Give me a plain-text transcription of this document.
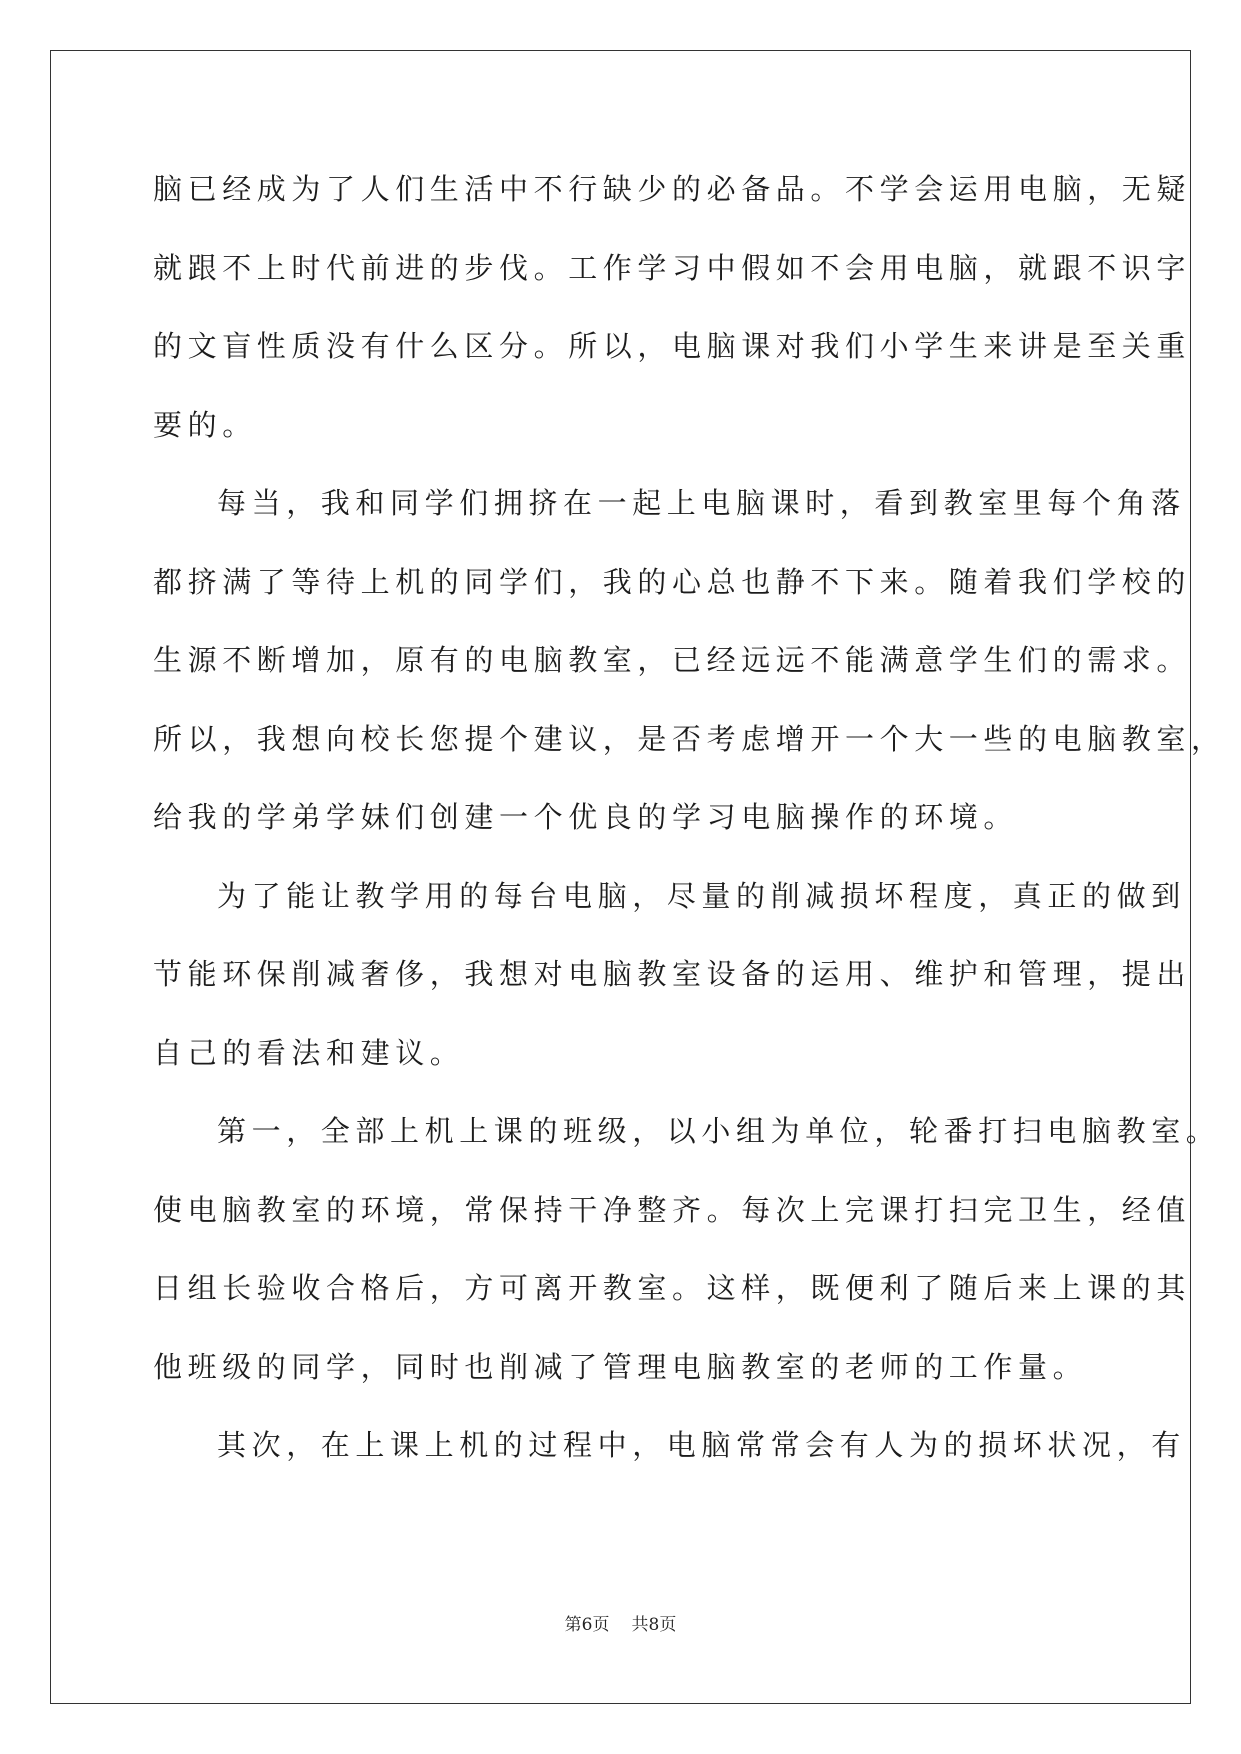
脑已经成为了人们生活中不行缺少的必备品。不学会运用电脑，无疑
就跟不上时代前进的步伐。工作学习中假如不会用电脑，就跟不识字
的文盲性质没有什么区分。所以，电脑课对我们小学生来讲是至关重
要的。
每当，我和同学们拥挤在一起上电脑课时，看到教室里每个角落
都挤满了等待上机的同学们，我的心总也静不下来。随着我们学校的
生源不断增加，原有的电脑教室，已经远远不能满意学生们的需求。
所以，我想向校长您提个建议，是否考虑增开一个大一些的电脑教室，
给我的学弟学妹们创建一个优良的学习电脑操作的环境。
为了能让教学用的每台电脑，尽量的削减损坏程度，真正的做到
节能环保削减奢侈，我想对电脑教室设备的运用、维护和管理，提出
自己的看法和建议。
第一，全部上机上课的班级，以小组为单位，轮番打扫电脑教室。
使电脑教室的环境，常保持干净整齐。每次上完课打扫完卫生，经值
日组长验收合格后，方可离开教室。这样，既便利了随后来上课的其
他班级的同学，同时也削减了管理电脑教室的老师的工作量。
其次，在上课上机的过程中，电脑常常会有人为的损坏状况，有
第6页 共8页
